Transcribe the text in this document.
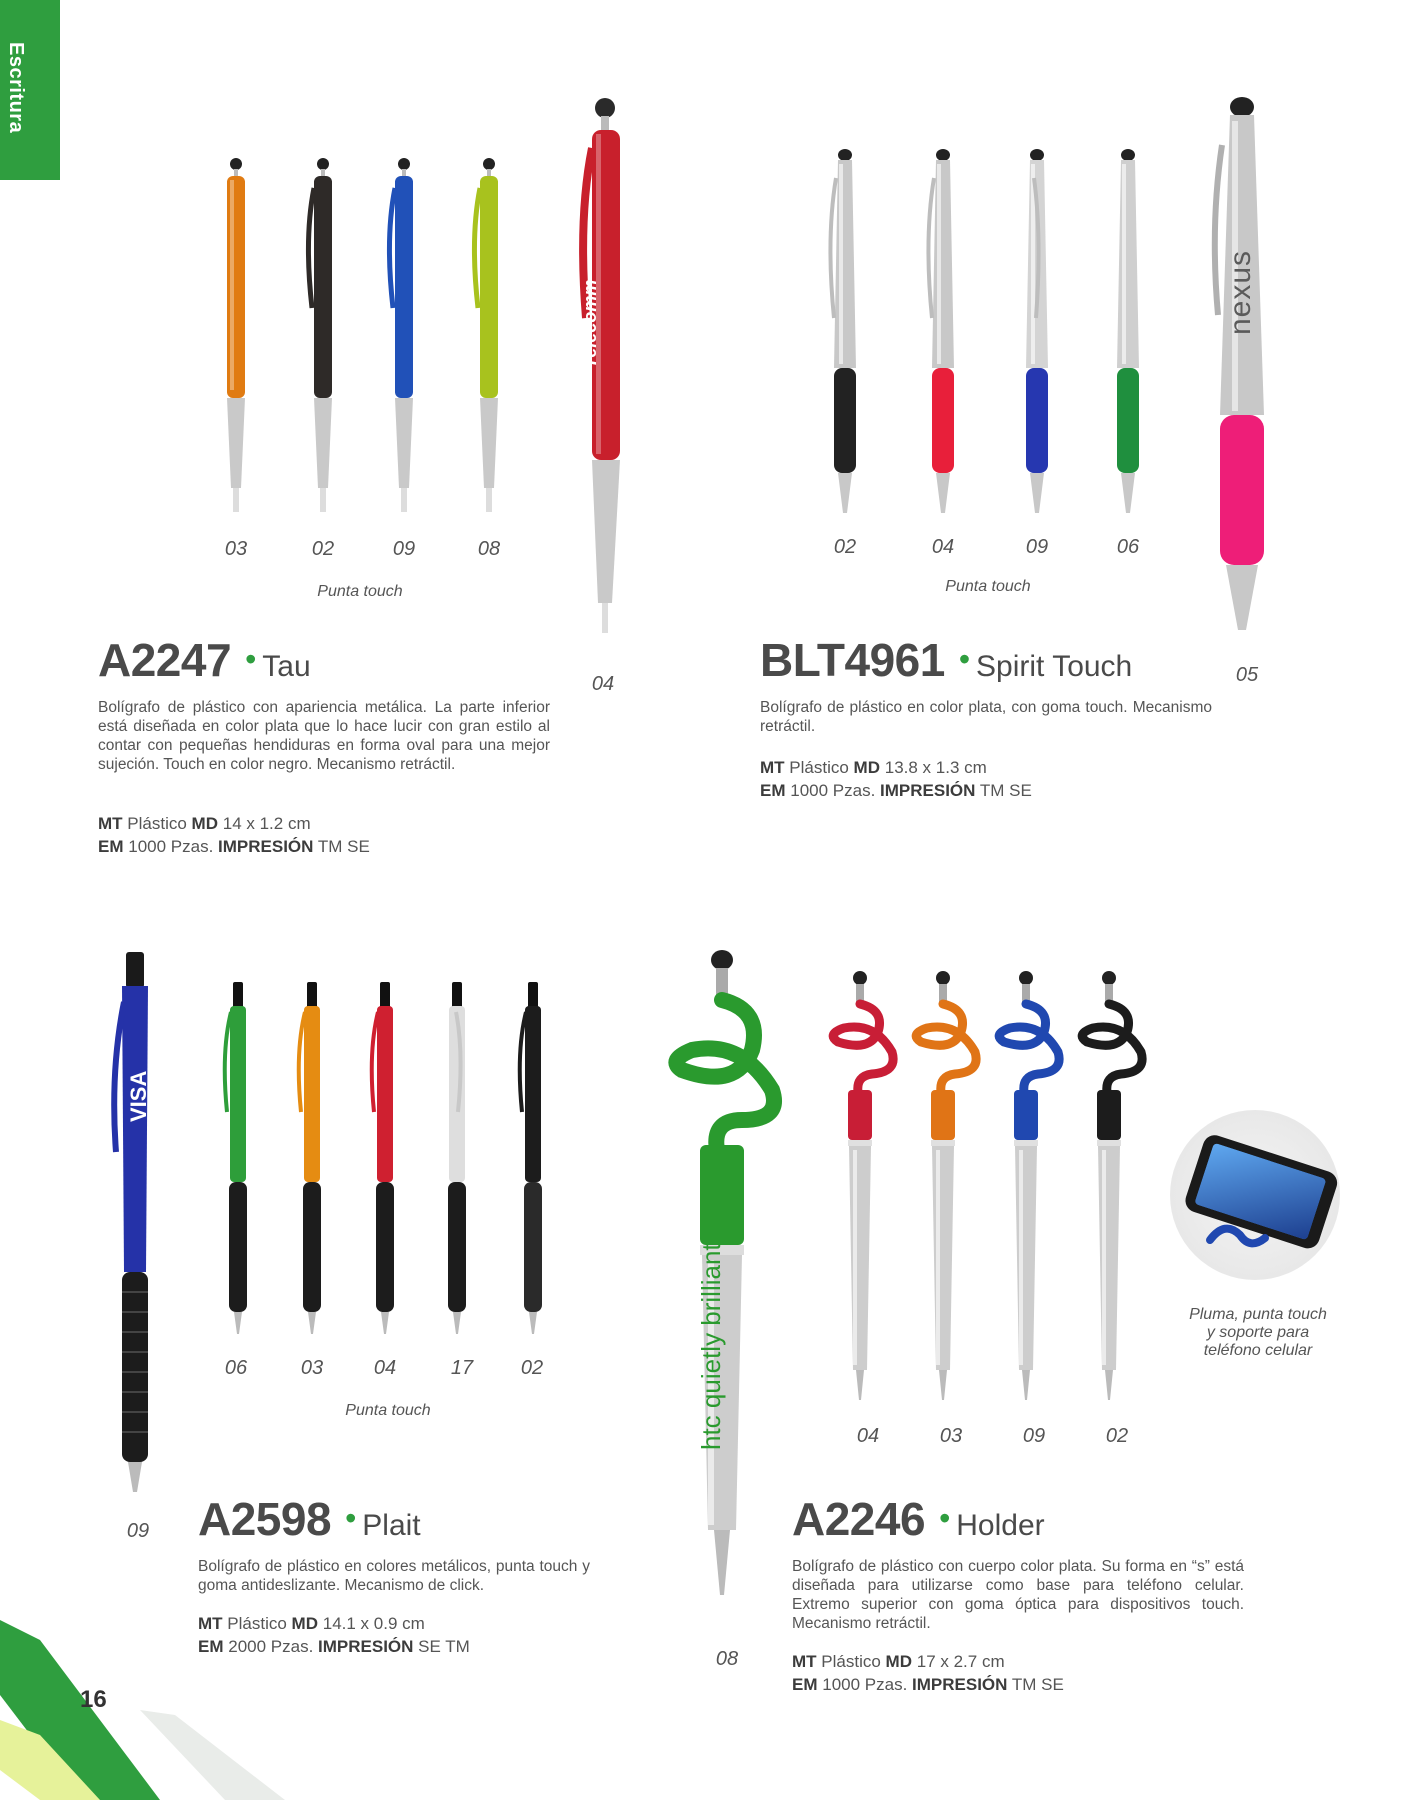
Escritura
Telecomm
03	02	09	08
04
Punta touch
A2247 • Tau
Bolígrafo de plástico con apariencia metálica. La parte inferior está diseñada en color plata que lo hace lucir con gran estilo al contar con pequeñas hendiduras en forma oval para una mejor sujeción. Touch en color negro. Mecanismo retráctil.
MT Plástico MD 14 x 1.2 cm
EM 1000 Pzas. IMPRESIÓN TM SE
nexus
02	04	09	06
05
Punta touch
BLT4961 • Spirit Touch
Bolígrafo de plástico en color plata, con goma touch. Mecanismo retráctil.
MT Plástico MD 13.8 x 1.3 cm
EM 1000 Pzas. IMPRESIÓN TM SE
VISA
09
06	03	04	17	02
Punta touch
A2598 • Plait
Bolígrafo de plástico en colores metálicos, punta touch y goma antideslizante. Mecanismo de click.
MT Plástico MD 14.1 x 0.9 cm
EM 2000 Pzas. IMPRESIÓN SE TM
htc quietly brilliant	Pluma, punta touch y soporte para teléfono celular
08
04	03	09	02
A2246 • Holder
Bolígrafo de plástico con cuerpo color plata. Su forma en “s” está diseñada para utilizarse como base para teléfono celular. Extremo superior con goma óptica para dispositivos touch. Mecanismo retráctil.
MT Plástico MD 17 x 2.7 cm
EM 1000 Pzas. IMPRESIÓN TM SE
16
